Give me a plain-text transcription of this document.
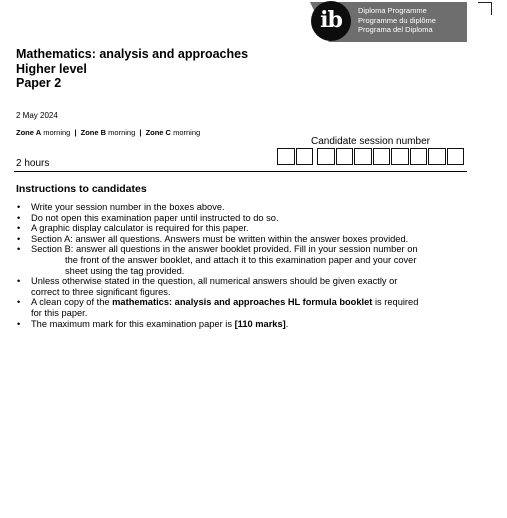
ib	Diploma Programme
Programme du diplôme
Programa del Diploma
Mathematics: analysis and approaches
Higher level
Paper 2
2 May 2024
Zone A morning | Zone B morning | Zone C morning
Candidate session number
2 hours
Instructions to candidates
• Write your session number in the boxes above.
• Do not open this examination paper until instructed to do so.
• A graphic display calculator is required for this paper.
• Section A: answer all questions. Answers must be written within the answer boxes provided.
• Section B: answer all questions in the answer booklet provided. Fill in your session number on
the front of the answer booklet, and attach it to this examination paper and your cover
sheet using the tag provided.
• Unless otherwise stated in the question, all numerical answers should be given exactly or
correct to three significant figures.
• A clean copy of the mathematics: analysis and approaches HL formula booklet is required
for this paper.
• The maximum mark for this examination paper is [110 marks].
